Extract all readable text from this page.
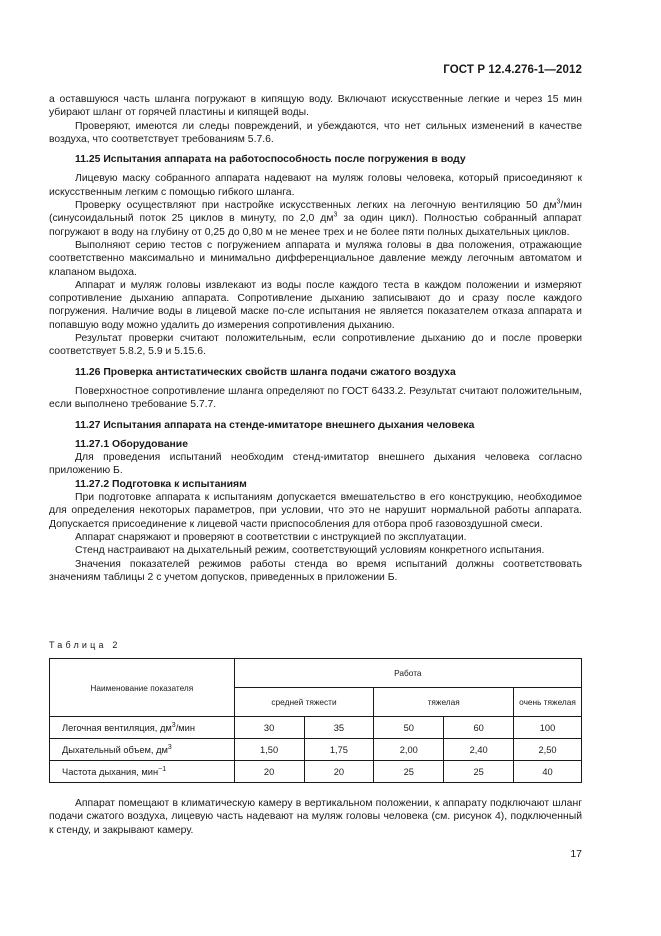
ГОСТ Р 12.4.276-1—2012

а оставшуюся часть шланга погружают в кипящую воду. Включают искусственные легкие и через 15 мин убирают шланг от горячей пластины и кипящей воды.

Проверяют, имеются ли следы повреждений, и убеждаются, что нет сильных изменений в качестве воздуха, что соответствует требованиям 5.7.6.

11.25 Испытания аппарата на работоспособность после погружения в воду

Лицевую маску собранного аппарата надевают на муляж головы человека, который присоединяют к искусственным легким с помощью гибкого шланга.

Проверку осуществляют при настройке искусственных легких на легочную вентиляцию 50 $дм^3$/мин (синусоидальный поток 25 циклов в минуту, по 2,0 $дм^3$ за один цикл). Полностью собранный аппарат погружают в воду на глубину от 0,25 до 0,80 м не менее трех и не более пяти полных дыхательных циклов.

Выполняют серию тестов с погружением аппарата и муляжа головы в два положения, отражающие соответственно максимально и минимально дифференциальное давление между легочным автоматом и клапаном выдоха.

Аппарат и муляж головы извлекают из воды после каждого теста в каждом положении и измеряют сопротивление дыханию аппарата. Сопротивление дыханию записывают до и сразу после каждого погружения. Наличие воды в лицевой маске по-сле испытания не является показателем отказа аппарата и попавшую воду можно удалить до измерения сопротивления дыханию.

Результат проверки считают положительным, если сопротивление дыханию до и после проверки соответствует 5.8.2, 5.9 и 5.15.6.

11.26 Проверка антистатических свойств шланга подачи сжатого воздуха

Поверхностное сопротивление шланга определяют по ГОСТ 6433.2. Результат считают положительным, если выполнено требование 5.7.7.

11.27 Испытания аппарата на стенде-имитаторе внешнего дыхания человека

11.27.1 Оборудование

Для проведения испытаний необходим стенд-имитатор внешнего дыхания человека согласно приложению Б.

11.27.2 Подготовка к испытаниям

При подготовке аппарата к испытаниям допускается вмешательство в его конструкцию, необходимое для определения некоторых параметров, при условии, что это не нарушит нормальной работы аппарата. Допускается присоединение к лицевой части приспособления для отбора проб газовоздушной смеси.

Аппарат снаряжают и проверяют в соответствии с инструкцией по эксплуатации.

Стенд настраивают на дыхательный режим, соответствующий условиям конкретного испытания.

Значения показателей режимов работы стенда во время испытаний должны соответствовать значениям таблицы 2 с учетом допусков, приведенных в приложении Б.

Таблица 2
Наименование показателя	Работа				
	средней тяжести		тяжелая		очень тяжелая
Легочная вентиляция, $дм^3$/мин	30	35	50	60	100
Дыхательный объем, $дм^3$	1,50	1,75	2,00	2,40	2,50
Частота дыхания, мин$^{-1}$	20	20	25	25	40

Аппарат помещают в климатическую камеру в вертикальном положении, к аппарату подключают шланг подачи сжатого воздуха, лицевую часть надевают на муляж головы человека (см. рисунок 4), подключенный к стенду, и закрывают камеру.

17
